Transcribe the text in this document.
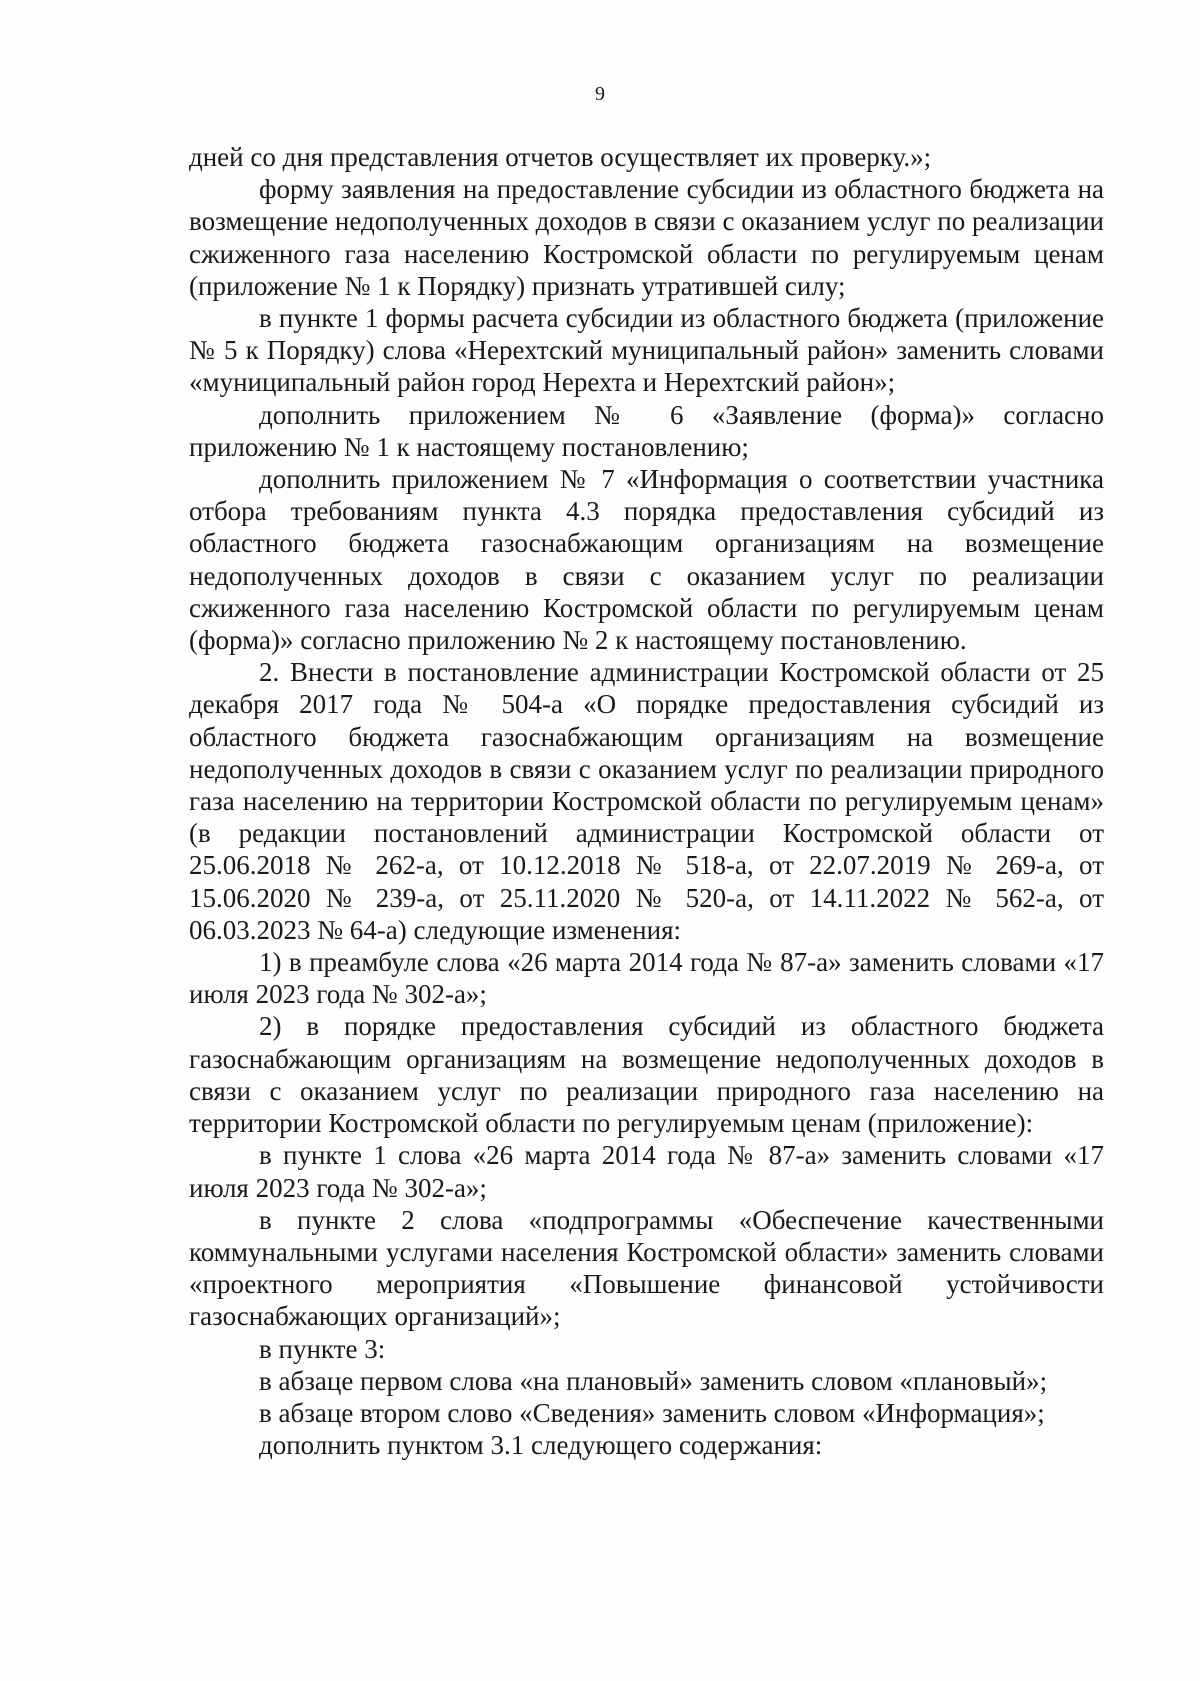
9

дней со дня представления отчетов осуществляет их проверку.»;

форму заявления на предоставление субсидии из областного бюджета на возмещение недополученных доходов в связи с оказанием услуг по реализации сжиженного газа населению Костромской области по регулируемым ценам (приложение № 1 к Порядку) признать утратившей силу;

в пункте 1 формы расчета субсидии из областного бюджета (приложение № 5 к Порядку) слова «Нерехтский муниципальный район» заменить словами «муниципальный район город Нерехта и Нерехтский район»;

дополнить приложением № 6 «Заявление (форма)» согласно приложению № 1 к настоящему постановлению;

дополнить приложением № 7 «Информация о соответствии участника отбора требованиям пункта 4.3 порядка предоставления субсидий из областного бюджета газоснабжающим организациям на возмещение недополученных доходов в связи с оказанием услуг по реализации сжиженного газа населению Костромской области по регулируемым ценам (форма)» согласно приложению № 2 к настоящему постановлению.

2. Внести в постановление администрации Костромской области от 25 декабря 2017 года № 504-а «О порядке предоставления субсидий из областного бюджета газоснабжающим организациям на возмещение недополученных доходов в связи с оказанием услуг по реализации природного газа населению на территории Костромской области по регулируемым ценам» (в редакции постановлений администрации Костромской области от 25.06.2018 № 262-а, от 10.12.2018 № 518-а, от 22.07.2019 № 269-а, от 15.06.2020 № 239-а, от 25.11.2020 № 520-а, от 14.11.2022 № 562-а, от 06.03.2023 № 64-а) следующие изменения:

1) в преамбуле слова «26 марта 2014 года № 87-а» заменить словами «17 июля 2023 года № 302-а»;

2) в порядке предоставления субсидий из областного бюджета газоснабжающим организациям на возмещение недополученных доходов в связи с оказанием услуг по реализации природного газа населению на территории Костромской области по регулируемым ценам (приложение):

в пункте 1 слова «26 марта 2014 года № 87-а» заменить словами «17 июля 2023 года № 302-а»;

в пункте 2 слова «подпрограммы «Обеспечение качественными коммунальными услугами населения Костромской области» заменить словами «проектного мероприятия «Повышение финансовой устойчивости газоснабжающих организаций»;

в пункте 3:

в абзаце первом слова «на плановый» заменить словом «плановый»;

в абзаце втором слово «Сведения» заменить словом «Информация»;

дополнить пунктом 3.1 следующего содержания:
